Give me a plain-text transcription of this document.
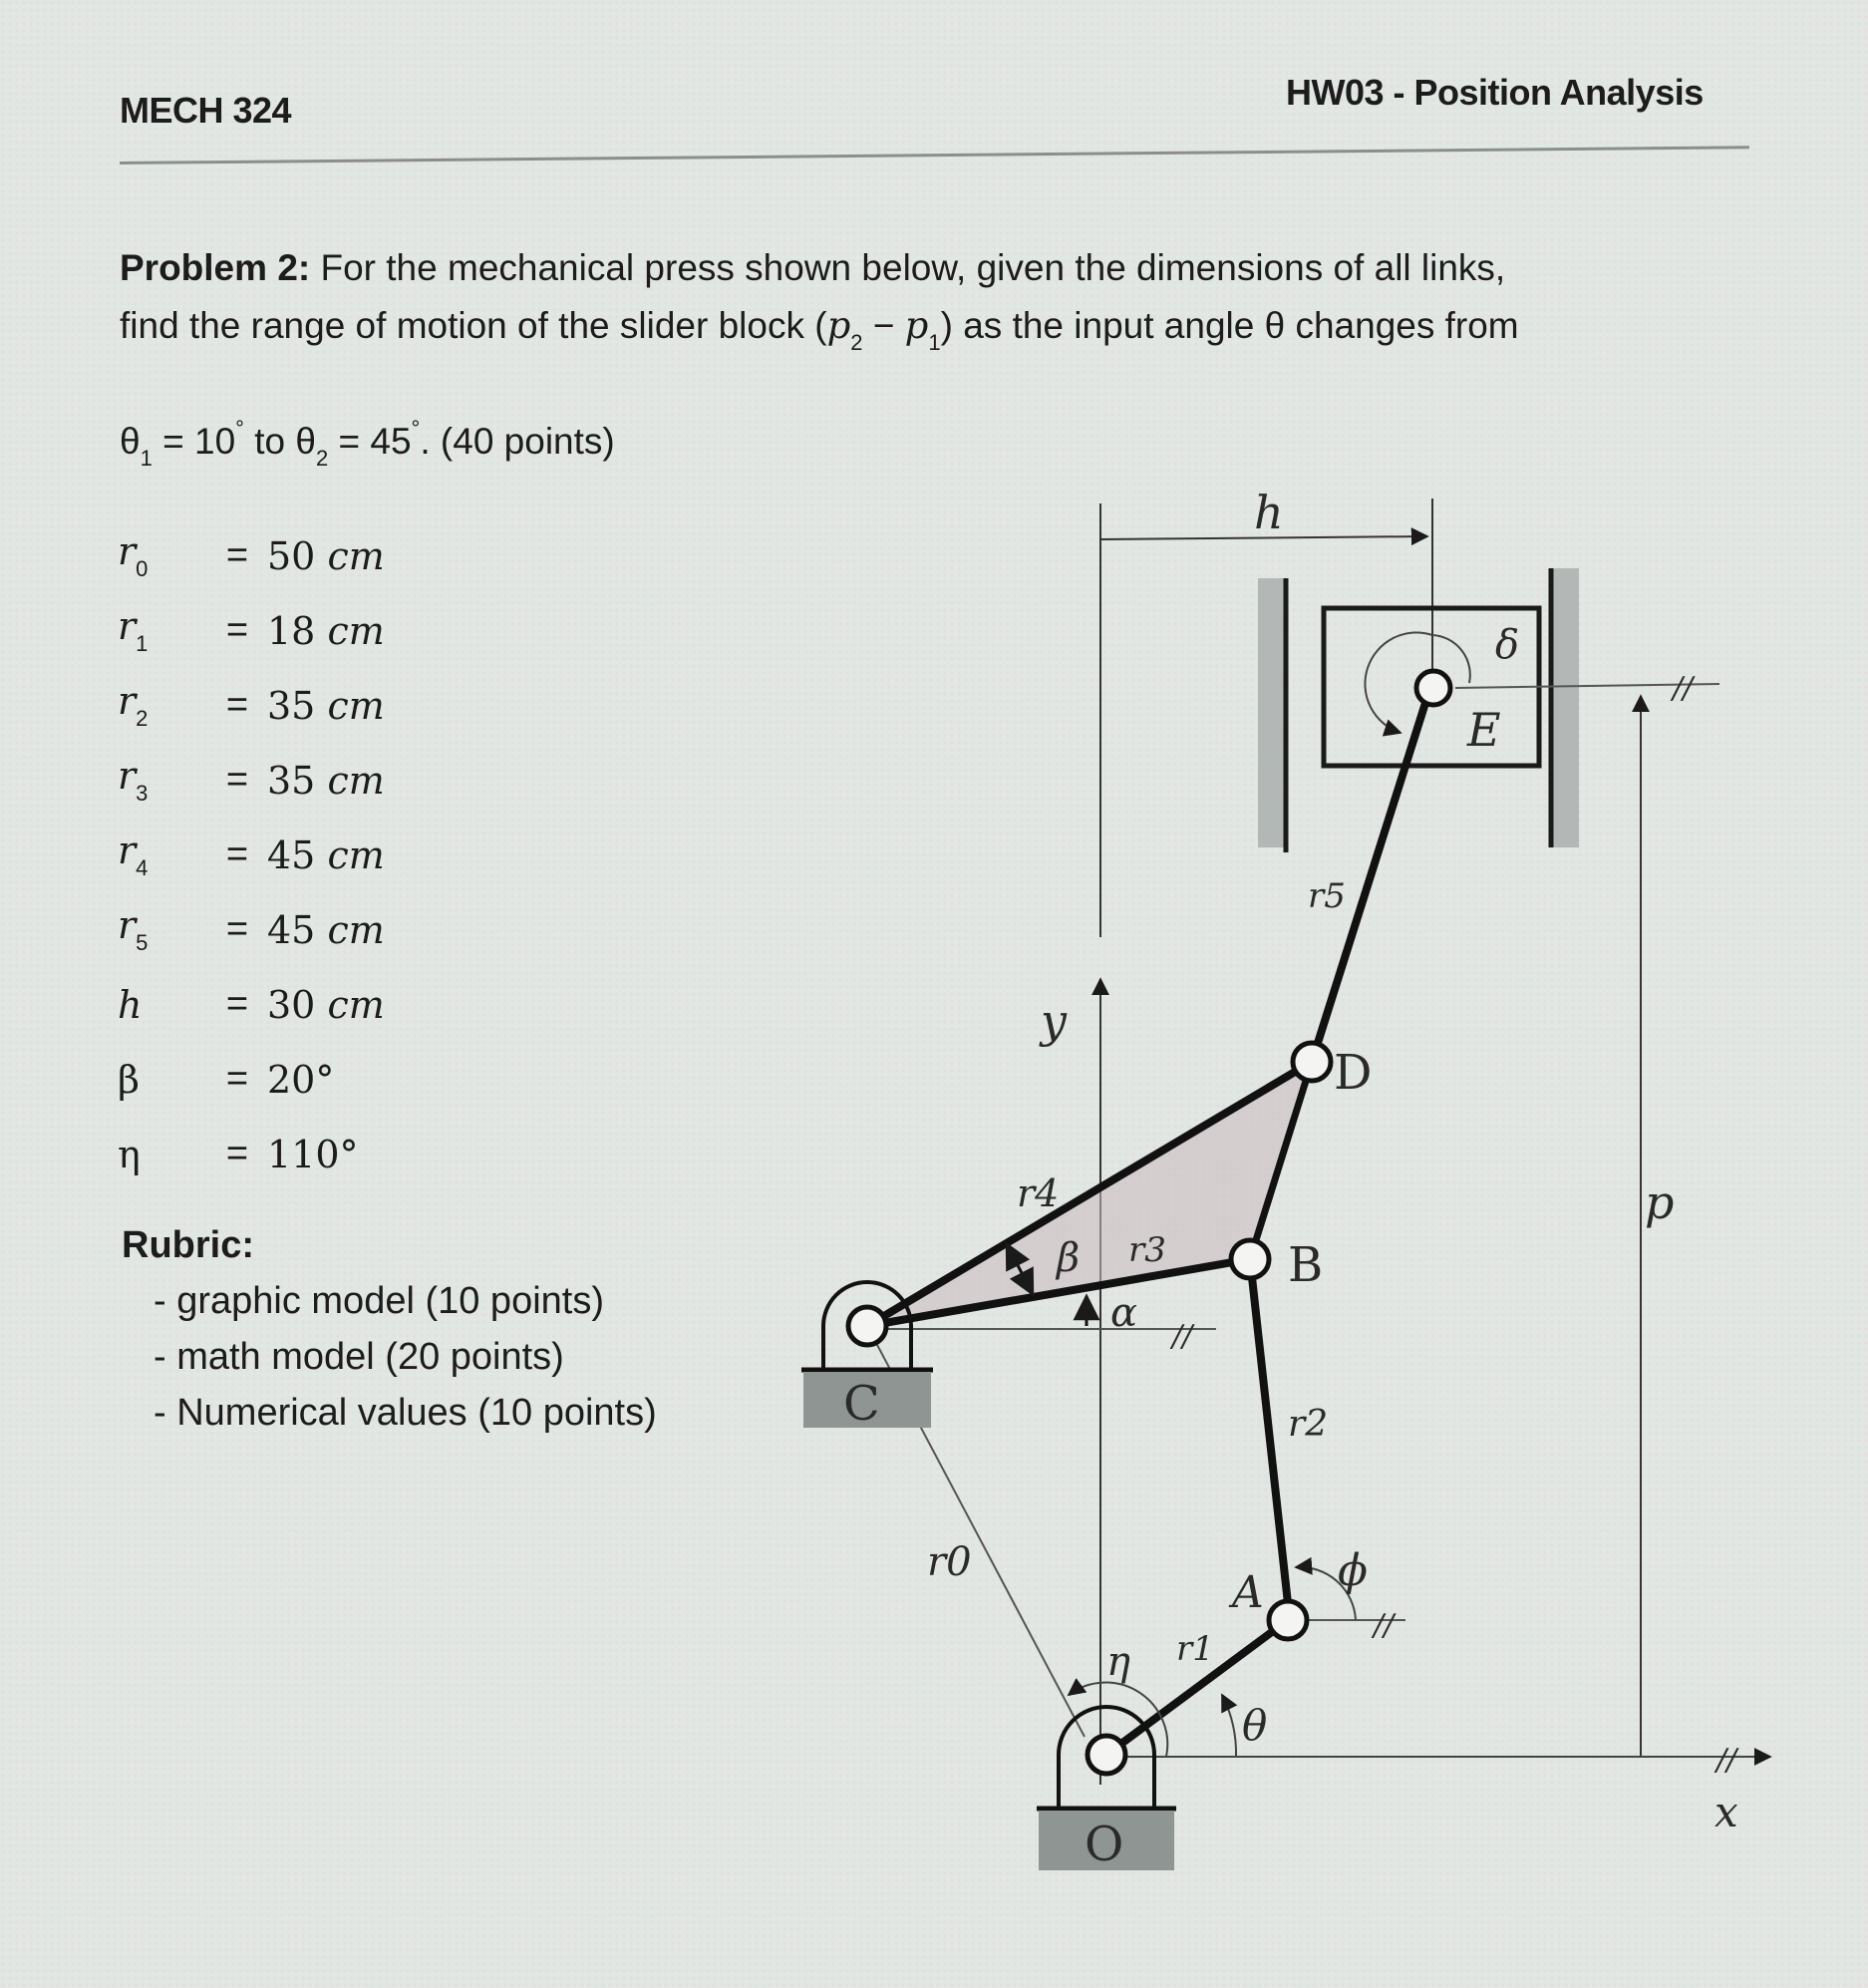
MECH 324	HW03 - Position Analysis
Problem 2: For the mechanical press shown below, given the dimensions of all links,
find the range of motion of the slider block $(p_2 - p_1)$ as the input angle θ changes from
$\theta_1 = 10^\circ$ to $\theta_2 = 45^\circ$. (40 points)
$r_0$	= 50 cm
$r_1$	= 18 cm
$r_2$	= 35 cm
$r_3$	= 35 cm
$r_4$	= 45 cm
$r_5$	= 45 cm
h	= 30 cm
β	= 20°
η	= 110°
Rubric:
- graphic model (10 points)
- math model (20 points)
- Numerical values (10 points)
h
δ
E
//
p
y
//
x
r0
r4
β r3
D
B
α
//
r5
r2
ϕ
//
A
r1
η
θ
C
O
